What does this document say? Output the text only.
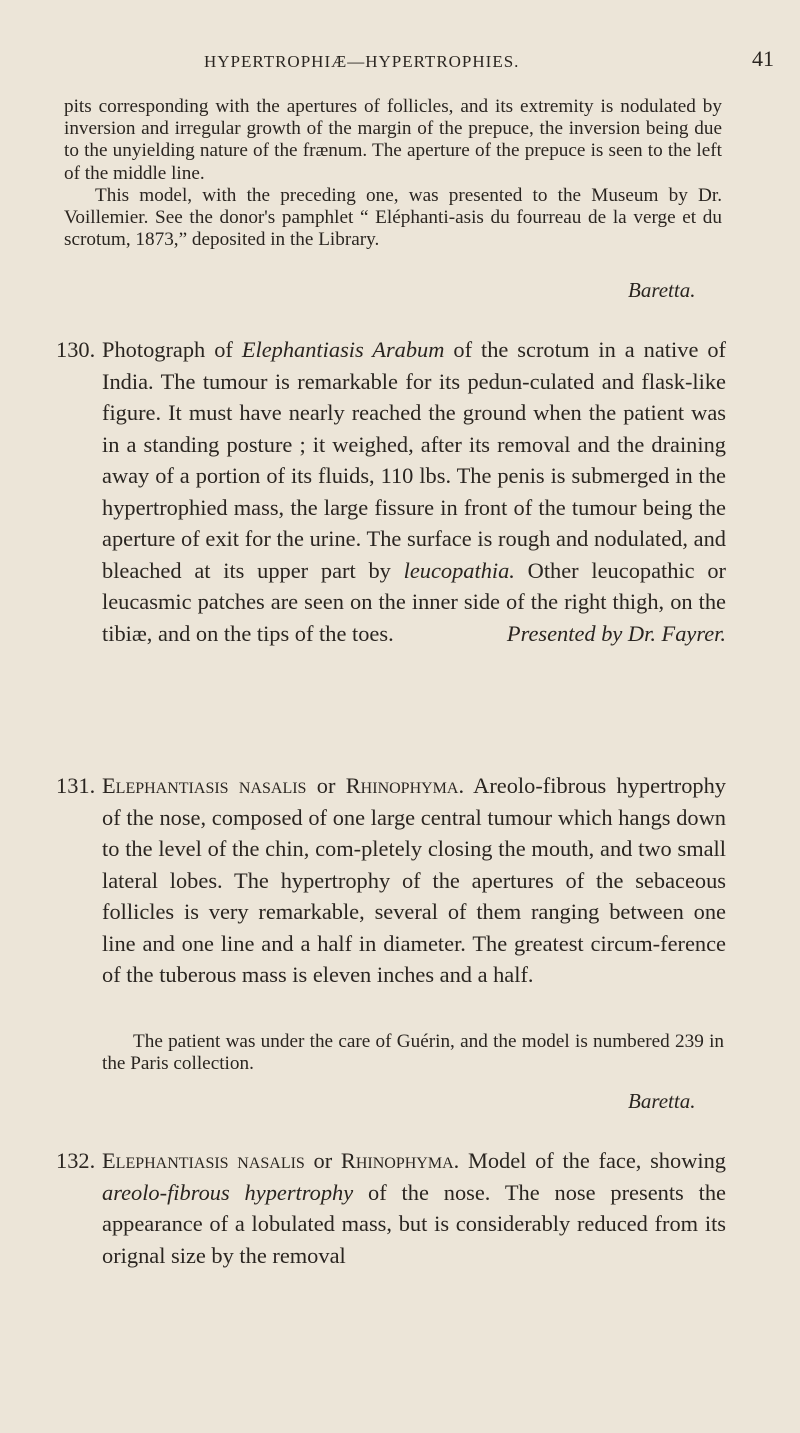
HYPERTROPHIÆ—HYPERTROPHIES.	41

pits corresponding with the apertures of follicles, and its extremity is nodulated by inversion and irregular growth of the margin of the prepuce, the inversion being due to the unyielding nature of the frænum. The aperture of the prepuce is seen to the left of the middle line.

This model, with the preceding one, was presented to the Museum by Dr. Voillemier. See the donor's pamphlet “ Eléphanti-asis du fourreau de la verge et du scrotum, 1873,” deposited in the Library.

Baretta.
130. Photograph of Elephantiasis Arabum of the scrotum in a native of India. The tumour is remarkable for its pedun-culated and flask-like figure. It must have nearly reached the ground when the patient was in a standing posture ; it weighed, after its removal and the draining away of a portion of its fluids, 110 lbs. The penis is submerged in the hypertrophied mass, the large fissure in front of the tumour being the aperture of exit for the urine. The surface is rough and nodulated, and bleached at its upper part by leucopathia. Other leucopathic or leucasmic patches are seen on the inner side of the right thigh, on the tibiæ, and on the tips of the toes.	Presented by Dr. Fayrer.
131. Elephantiasis nasalis or Rhinophyma. Areolo-fibrous hypertrophy of the nose, composed of one large central tumour which hangs down to the level of the chin, com-pletely closing the mouth, and two small lateral lobes. The hypertrophy of the apertures of the sebaceous follicles is very remarkable, several of them ranging between one line and one line and a half in diameter. The greatest circum-ference of the tuberous mass is eleven inches and a half.

The patient was under the care of Guérin, and the model is numbered 239 in the Paris collection.

Baretta.
132. Elephantiasis nasalis or Rhinophyma. Model of the face, showing areolo-fibrous hypertrophy of the nose. The nose presents the appearance of a lobulated mass, but is considerably reduced from its orignal size by the removal
